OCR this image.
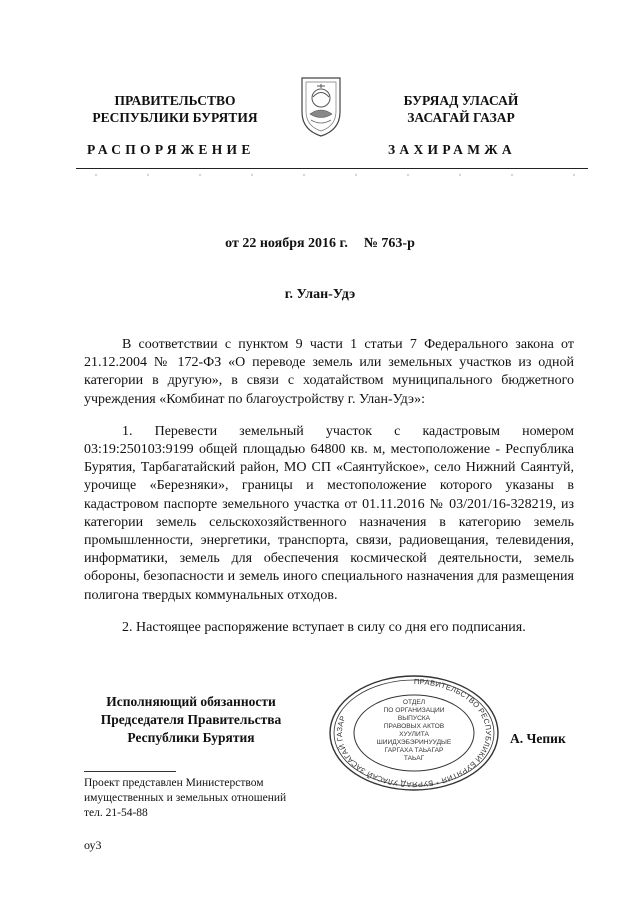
ПРАВИТЕЛЬСТВО
РЕСПУБЛИКИ БУРЯТИЯ
БУРЯАД УЛАСАЙ
ЗАСАГАЙ ГАЗАР
РАСПОРЯЖЕНИЕ	ЗАХИРАМЖА
от 22 ноября 2016 г. № 763-р
г. Улан-Удэ

В соответствии с пунктом 9 части 1 статьи 7 Федерального закона от 21.12.2004 № 172-ФЗ «О переводе земель или земельных участков из одной категории в другую», в связи с ходатайством муниципального бюджетного учреждения «Комбинат по благоустройству г. Улан-Удэ»:

1. Перевести земельный участок с кадастровым номером 03:19:250103:9199 общей площадью 64800 кв. м, местоположение - Республика Бурятия, Тарбагатайский район, МО СП «Саянтуйское», село Нижний Саянтуй, урочище «Березняки», границы и местоположение которого указаны в кадастровом паспорте земельного участка от 01.11.2016 № 03/201/16-328219, из категории земель сельскохозяйственного назначения в категорию земель промышленности, энергетики, транспорта, связи, радиовещания, телевидения, информатики, земель для обеспечения космической деятельности, земель обороны, безопасности и земель иного специального назначения для размещения полигона твердых коммунальных отходов.

2. Настоящее распоряжение вступает в силу со дня его подписания.

Исполняющий обязанности
Председателя Правительства
Республики Бурятия
ПРАВИТЕЛЬСТВО РЕСПУБЛИКИ БУРЯТИЯ * БУРЯАД УЛАСАЙ ЗАСАГАЙ ГАЗАР
ОТДЕЛ
ПО ОРГАНИЗАЦИИ
ВЫПУСКА
ПРАВОВЫХ АКТОВ
ХУУЛИТА
ШИИДХЭБЭРИНУУДЫЕ
ГАРГАХА ТАЬАГАР
ТАЬАГ
А. Чепик
Проект представлен Министерством
имущественных и земельных отношений
тел. 21-54-88
оу3
